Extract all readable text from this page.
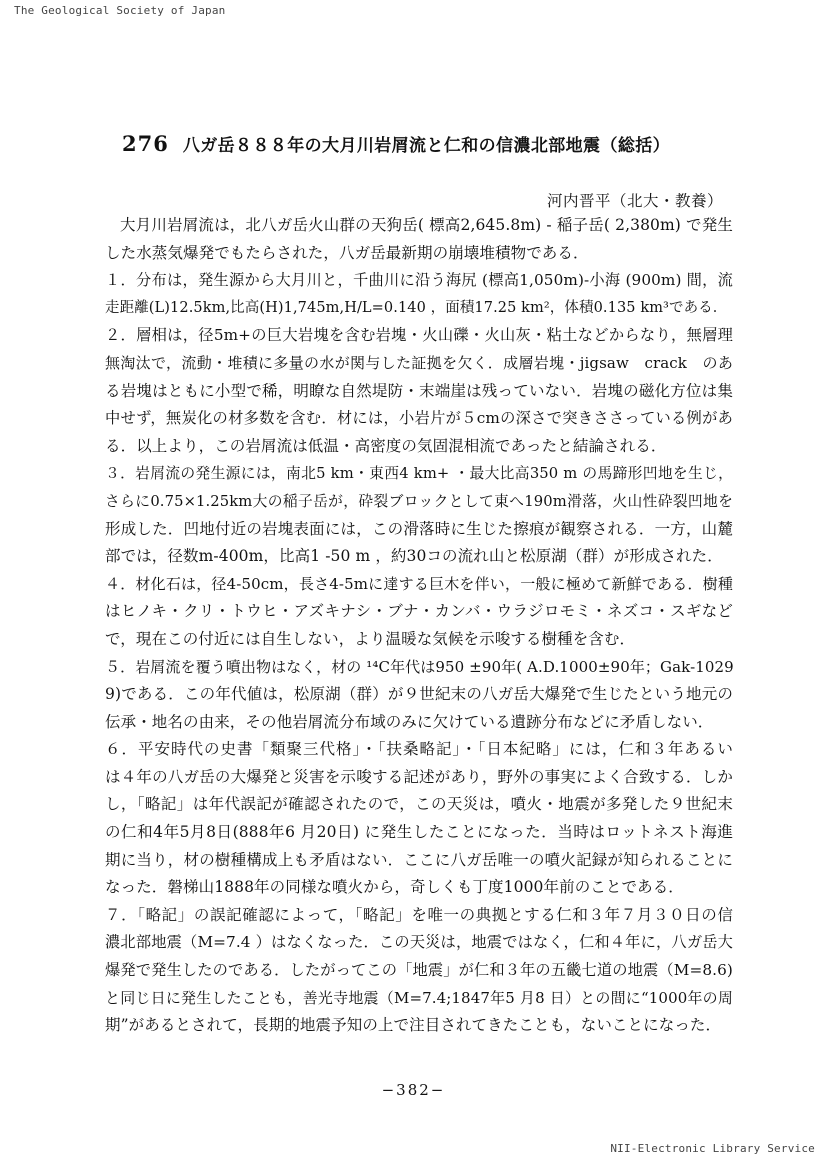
The Geological Society of Japan
276 八ガ岳８８８年の大月川岩屑流と仁和の信濃北部地震（総括）
河内晋平（北大・教養）
大月川岩屑流は，北八ガ岳火山群の天狗岳( 標高2,645.8m) - 稲子岳( 2,380m) で発生
した水蒸気爆発でもたらされた，八ガ岳最新期の崩壊堆積物である．
１．分布は，発生源から大月川と，千曲川に沿う海尻 (標高1,050m)-小海 (900m) 間，流
走距離(L)12.5km,比高(H)1,745m,H/L=0.140 ，面積17.25 km²，体積0.135 km³である．
２．層相は，径5m+の巨大岩塊を含む岩塊・火山礫・火山灰・粘土などからなり，無層理
無淘汰で，流動・堆積に多量の水が関与した証拠を欠く．成層岩塊・jigsaw　crack　のあ
る岩塊はともに小型で稀，明瞭な自然堤防・末端崖は残っていない．岩塊の磁化方位は集
中せず，無炭化の材多数を含む．材には，小岩片が５cmの深さで突きささっている例があ
る．以上より，この岩屑流は低温・高密度の気固混相流であったと結論される．
３．岩屑流の発生源には，南北5 km・東西4 km+ ・最大比高350 m の馬蹄形凹地を生じ，
さらに0.75×1.25km大の稲子岳が，砕裂ブロックとして東へ190m滑落，火山性砕裂凹地を
形成した．凹地付近の岩塊表面には，この滑落時に生じた擦痕が観察される．一方，山麓
部では，径数m-400m，比高1 -50 m ，約30コの流れ山と松原湖（群）が形成された．
４．材化石は，径4-50cm，長さ4-5mに達する巨木を伴い，一般に極めて新鮮である．樹種
はヒノキ・クリ・トウヒ・アズキナシ・ブナ・カンバ・ウラジロモミ・ネズコ・スギなど
で，現在この付近には自生しない，より温暖な気候を示唆する樹種を含む．
５．岩屑流を覆う噴出物はなく，材の ¹⁴C年代は950 ±90年( A.D.1000±90年；Gak-1029
9)である．この年代値は，松原湖（群）が９世紀末の八ガ岳大爆発で生じたという地元の
伝承・地名の由来，その他岩屑流分布域のみに欠けている遺跡分布などに矛盾しない．
６．平安時代の史書「類聚三代格」・「扶桑略記」・「日本紀略」には，仁和３年あるい
は４年の八ガ岳の大爆発と災害を示唆する記述があり，野外の事実によく合致する．しか
し，「略記」は年代誤記が確認されたので，この天災は，噴火・地震が多発した９世紀末
の仁和4年5月8日(888年6 月20日) に発生したことになった．当時はロットネスト海進
期に当り，材の樹種構成上も矛盾はない．ここに八ガ岳唯一の噴火記録が知られることに
なった．磐梯山1888年の同様な噴火から，奇しくも丁度1000年前のことである．
７．「略記」の誤記確認によって，「略記」を唯一の典拠とする仁和３年７月３０日の信
濃北部地震（M=7.4 ）はなくなった．この天災は，地震ではなく，仁和４年に，八ガ岳大
爆発で発生したのである．したがってこの「地震」が仁和３年の五畿七道の地震（M=8.6)
と同じ日に発生したことも，善光寺地震（M=7.4;1847年5 月8 日）との間に“1000年の周
期”があるとされて，長期的地震予知の上で注目されてきたことも，ないことになった．
−382−
NII-Electronic Library Service
